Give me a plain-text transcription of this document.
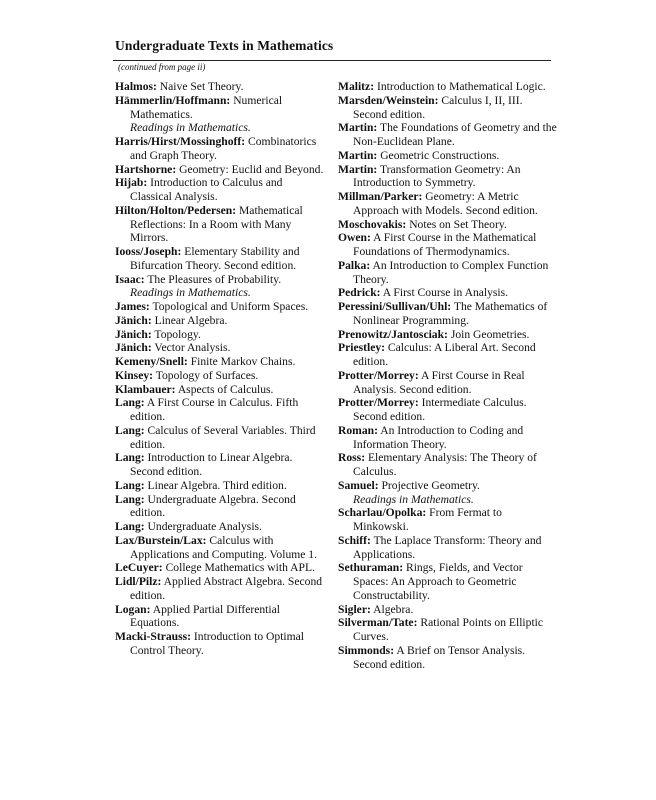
Undergraduate Texts in Mathematics
(continued from page ii)
Halmos: Naive Set Theory.
Hämmerlin/Hoffmann: Numerical Mathematics.
Readings in Mathematics.
Harris/Hirst/Mossinghoff: Combinatorics and Graph Theory.
Hartshorne: Geometry: Euclid and Beyond.
Hijab: Introduction to Calculus and Classical Analysis.
Hilton/Holton/Pedersen: Mathematical Reflections: In a Room with Many Mirrors.
Iooss/Joseph: Elementary Stability and Bifurcation Theory. Second edition.
Isaac: The Pleasures of Probability.
Readings in Mathematics.
James: Topological and Uniform Spaces.
Jänich: Linear Algebra.
Jänich: Topology.
Jänich: Vector Analysis.
Kemeny/Snell: Finite Markov Chains.
Kinsey: Topology of Surfaces.
Klambauer: Aspects of Calculus.
Lang: A First Course in Calculus. Fifth edition.
Lang: Calculus of Several Variables. Third edition.
Lang: Introduction to Linear Algebra. Second edition.
Lang: Linear Algebra. Third edition.
Lang: Undergraduate Algebra. Second edition.
Lang: Undergraduate Analysis.
Lax/Burstein/Lax: Calculus with Applications and Computing. Volume 1.
LeCuyer: College Mathematics with APL.
Lidl/Pilz: Applied Abstract Algebra. Second edition.
Logan: Applied Partial Differential Equations.
Macki-Strauss: Introduction to Optimal Control Theory.
Malitz: Introduction to Mathematical Logic.
Marsden/Weinstein: Calculus I, II, III. Second edition.
Martin: The Foundations of Geometry and the Non-Euclidean Plane.
Martin: Geometric Constructions.
Martin: Transformation Geometry: An Introduction to Symmetry.
Millman/Parker: Geometry: A Metric Approach with Models. Second edition.
Moschovakis: Notes on Set Theory.
Owen: A First Course in the Mathematical Foundations of Thermodynamics.
Palka: An Introduction to Complex Function Theory.
Pedrick: A First Course in Analysis.
Peressini/Sullivan/Uhl: The Mathematics of Nonlinear Programming.
Prenowitz/Jantosciak: Join Geometries.
Priestley: Calculus: A Liberal Art. Second edition.
Protter/Morrey: A First Course in Real Analysis. Second edition.
Protter/Morrey: Intermediate Calculus. Second edition.
Roman: An Introduction to Coding and Information Theory.
Ross: Elementary Analysis: The Theory of Calculus.
Samuel: Projective Geometry.
Readings in Mathematics.
Scharlau/Opolka: From Fermat to Minkowski.
Schiff: The Laplace Transform: Theory and Applications.
Sethuraman: Rings, Fields, and Vector Spaces: An Approach to Geometric Constructability.
Sigler: Algebra.
Silverman/Tate: Rational Points on Elliptic Curves.
Simmonds: A Brief on Tensor Analysis. Second edition.
